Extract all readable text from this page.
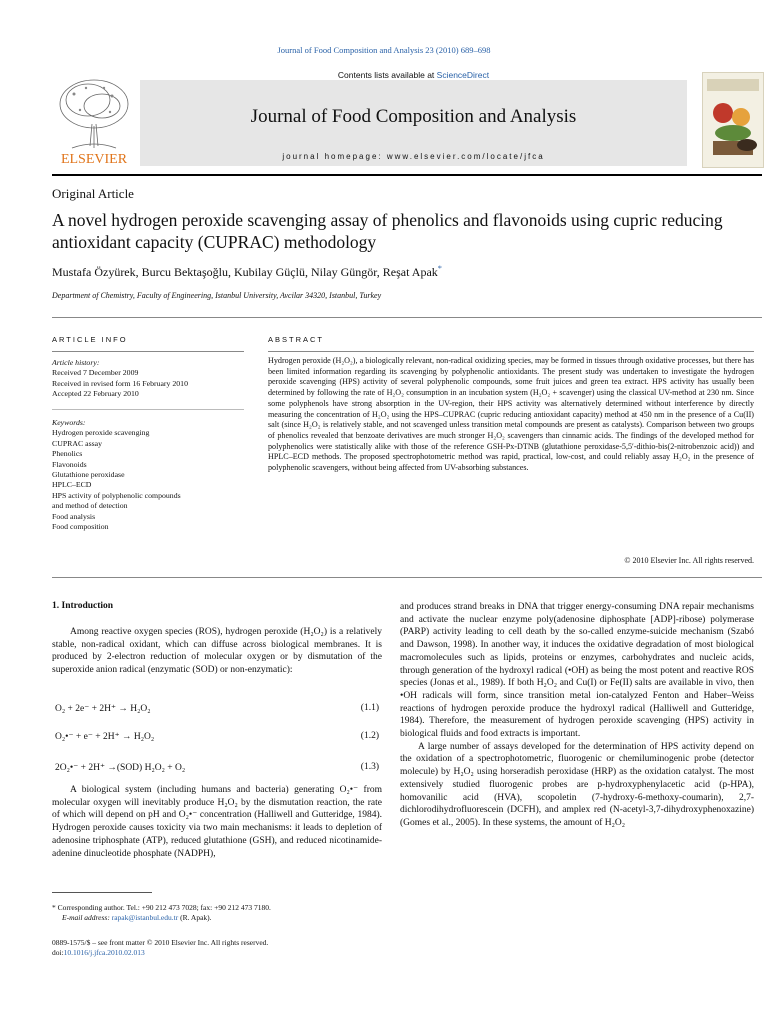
Journal of Food Composition and Analysis 23 (2010) 689–698
ELSEVIER
Contents lists available at ScienceDirect
Journal of Food Composition and Analysis
journal homepage: www.elsevier.com/locate/jfca
Original Article
A novel hydrogen peroxide scavenging assay of phenolics and flavonoids using cupric reducing antioxidant capacity (CUPRAC) methodology
Mustafa Özyürek, Burcu Bektaşoğlu, Kubilay Güçlü, Nilay Güngör, Reşat Apak*
Department of Chemistry, Faculty of Engineering, Istanbul University, Avcilar 34320, Istanbul, Turkey
ARTICLE INFO	ABSTRACT
Article history:
Received 7 December 2009
Received in revised form 16 February 2010
Accepted 22 February 2010
Keywords:
Hydrogen peroxide scavenging
CUPRAC assay
Phenolics
Flavonoids
Glutathione peroxidase
HPLC–ECD
HPS activity of polyphenolic compounds
and method of detection
Food analysis
Food composition
Hydrogen peroxide (H₂O₂), a biologically relevant, non-radical oxidizing species, may be formed in tissues through oxidative processes, but there has been limited information regarding its scavenging by polyphenolic antioxidants. The present study was undertaken to investigate the hydrogen peroxide scavenging (HPS) activity of several polyphenolic compounds, some fruit juices and green tea extract. HPS activity has usually been determined by following the rate of H₂O₂ consumption in an incubation system (H₂O₂ + scavenger) using the classical UV-method at 230 nm. Since some polyphenols have strong absorption in the UV-region, their HPS activity was alternatively determined without interference by directly measuring the concentration of H₂O₂ using the HPS–CUPRAC (cupric reducing antioxidant capacity) method at 450 nm in the presence of a Cu(II) salt (since H₂O₂ is relatively stable, and not scavenged unless transition metal compounds are present as catalysts). Comparison between two groups of phenolics revealed that benzoate derivatives are much stronger H₂O₂ scavengers than cinnamic acids. The findings of the developed method for polyphenolics were statistically alike with those of the reference GSH-Px-DTNB (glutathione peroxidase-5,5′-dithio-bis(2-nitrobenzoic acid)) and HPLC–ECD methods. The proposed spectrophotometric method was rapid, practical, low-cost, and could reliably assay H₂O₂ in the presence of polyphenolic scavengers, without being affected from UV-absorbing substances.
© 2010 Elsevier Inc. All rights reserved.
1. Introduction

Among reactive oxygen species (ROS), hydrogen peroxide (H₂O₂) is a relatively stable, non-radical oxidant, which can diffuse across biological membranes. It is produced by 2-electron reduction of molecular oxygen or by dismutation of the superoxide anion radical (enzymatic (SOD) or non-enzymatic):

O₂ + 2e⁻ + 2H⁺ → H₂O₂	(1.1)
O₂•⁻ + e⁻ + 2H⁺ → H₂O₂	(1.2)
2O₂•⁻ + 2H⁺ →(SOD) H₂O₂ + O₂	(1.3)

A biological system (including humans and bacteria) generating O₂•⁻ from molecular oxygen will inevitably produce H₂O₂ by the dismutation reaction, the rate of which will depend on pH and O₂•⁻ concentration (Halliwell and Gutteridge, 1984). Hydrogen peroxide causes toxicity via two main mechanisms: it leads to depletion of adenosine triphosphate (ATP), reduced glutathione (GSH), and reduced nicotinamide-adenine dinucleotide phosphate (NADPH),

and produces strand breaks in DNA that trigger energy-consuming DNA repair mechanisms and activate the nuclear enzyme poly(adenosine diphosphate [ADP]-ribose) polymerase (PARP) activity leading to cell death by the so-called enzyme-suicide mechanism (Szabó and Dawson, 1998). In another way, it induces the oxidative degradation of most biological macromolecules such as lipids, proteins or enzymes, carbohydrates and nucleic acids, through generation of the hydroxyl radical (•OH) as being the most potent and reactive ROS species (Jonas et al., 1989). If both H₂O₂ and Cu(I) or Fe(II) salts are available in vivo, then •OH radicals will form, since transition metal ion-catalyzed Fenton and Haber–Weiss reactions of hydrogen peroxide produce the hydroxyl radical (Halliwell and Gutteridge, 1984). Therefore, the measurement of hydrogen peroxide scavenging (HPS) activity in biological fluids and food extracts is important.

A large number of assays developed for the determination of HPS activity depend on the oxidation of a spectrophotometric, fluorogenic or chemiluminogenic probe (detector molecule) by H₂O₂ using horseradish peroxidase (HRP) as the oxidation catalyst. The most extensively studied fluorogenic probes are p-hydroxyphenylacetic acid (p-HPA), homovanilic acid (HVA), scopoletin (7-hydroxy-6-methoxy-coumarin), 2,7-dichlorodihydrofluorescein (DCFH), and amplex red (N-acetyl-3,7-dihydroxyphenoxazine) (Gomes et al., 2005). In these systems, the amount of H₂O₂

* Corresponding author. Tel.: +90 212 473 7028; fax: +90 212 473 7180.
E-mail address: rapak@istanbul.edu.tr (R. Apak).
0889-1575/$ – see front matter © 2010 Elsevier Inc. All rights reserved.
doi:10.1016/j.jfca.2010.02.013
